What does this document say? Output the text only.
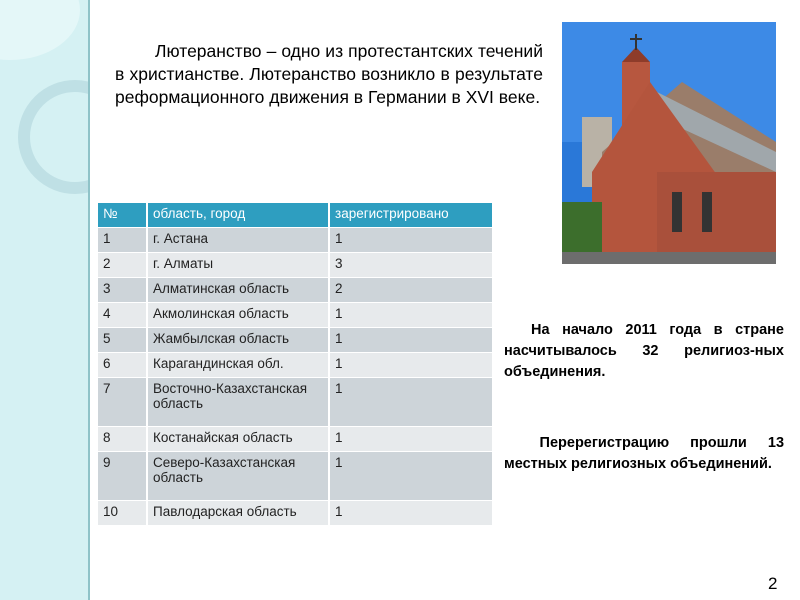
   Лютеранство – одно из протестантских течений в христианстве. Лютеранство возникло в результате реформационного движения в Германии в XVI веке.
№	область, город	зарегистрировано
1	г. Астана	1
2	г. Алматы	3
3	Алматинская область	2
4	Акмолинская область	1
5	Жамбылская область	1
6	Карагандинская обл.	1
7	Восточно-Казахстанская область	1
8	Костанайская область	1
9	Северо-Казахстанская область	1
10	Павлодарская область	1
  На начало 2011 года в стране насчитывалось 32 религиоз-ных объединения.
  Перерегистрацию прошли 13 местных религиозных объединений.
2
